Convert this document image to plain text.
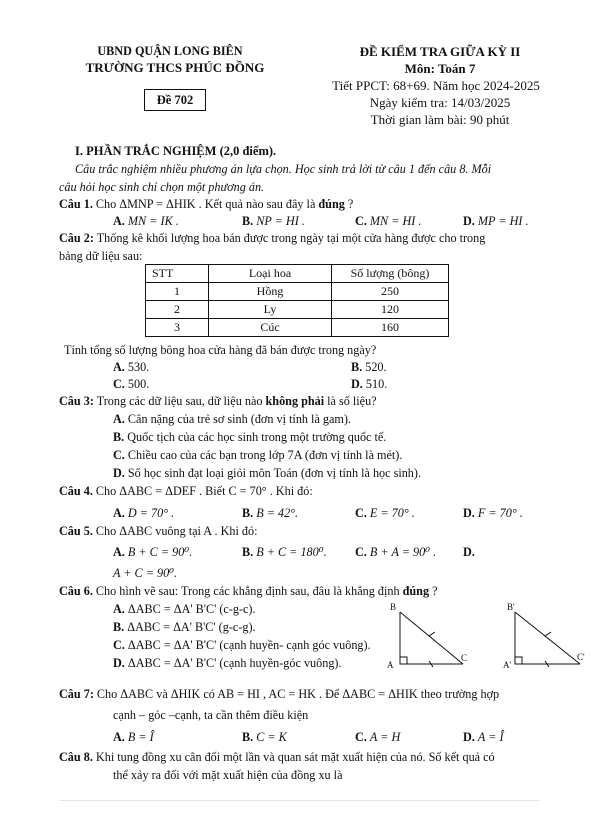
UBND QUẬN LONG BIÊN
TRƯỜNG THCS PHÚC ĐỒNG
Đề 702
ĐỀ KIỂM TRA GIỮA KỲ II
Môn: Toán 7
Tiết PPCT: 68+69. Năm học 2024-2025
Ngày kiểm tra: 14/03/2025
Thời gian làm bài: 90 phút
I. PHẦN TRẮC NGHIỆM (2,0 điểm).
Câu trắc nghiệm nhiều phương án lựa chọn. Học sinh trả lời từ câu 1 đến câu 8. Mỗi
câu hỏi học sinh chỉ chọn một phương án.
Câu 1. Cho ΔMNP = ΔHIK . Kết quả nào sau đây là đúng ?
A. MN = IK .	B. NP = HI .	C. MN = HI .	D. MP = HI .
Câu 2: Thống kê khối lượng hoa bán được trong ngày tại một cửa hàng được cho trong
bảng dữ liệu sau:
STT	Loại hoa	Số lượng (bông)
1	Hồng	250
2	Ly	120
3	Cúc	160
Tính tổng số lượng bông hoa cửa hàng đã bán được trong ngày?
A. 530.	B. 520.
C. 500.	D. 510.
Câu 3: Trong các dữ liệu sau, dữ liệu nào không phải là số liệu?
A. Cân nặng của trẻ sơ sinh (đơn vị tính là gam).
B. Quốc tịch của các học sinh trong một trường quốc tế.
C. Chiều cao của các bạn trong lớp 7A (đơn vị tính là mét).
D. Số học sinh đạt loại giỏi môn Toán (đơn vị tính là học sinh).
Câu 4. Cho ΔABC = ΔDEF . Biết C = 70° . Khi đó:
A. D = 70° .	B. B = 42°.	C. E = 70° .	D. F = 70° .
Câu 5. Cho ΔABC vuông tại A . Khi đó:
A. B + C = 90⁰.	B. B + C = 180⁰. C. B + A = 90⁰ . D.
A + C = 90⁰.
Câu 6. Cho hình vẽ sau: Trong các khẳng định sau, đâu là khẳng định đúng ?
A. ΔABC = ΔA' B'C' (c-g-c).
B. ΔABC = ΔA' B'C' (g-c-g).
C. ΔABC = ΔA' B'C' (cạnh huyền- cạnh góc vuông).
D. ΔABC = ΔA' B'C' (cạnh huyền-góc vuông).
B
A
C
B'
A'
C'
Câu 7: Cho ΔABC và ΔHIK có AB = HI , AC = HK . Để ΔABC = ΔHIK theo trường hợp
cạnh – góc –cạnh, ta cần thêm điều kiện
A. B = Î	B. C = K	C. A = H	D. A = Î
Câu 8. Khi tung đồng xu cân đối một lần và quan sát mặt xuất hiện của nó. Số kết quả có
thể xảy ra đối với mặt xuất hiện của đồng xu là
